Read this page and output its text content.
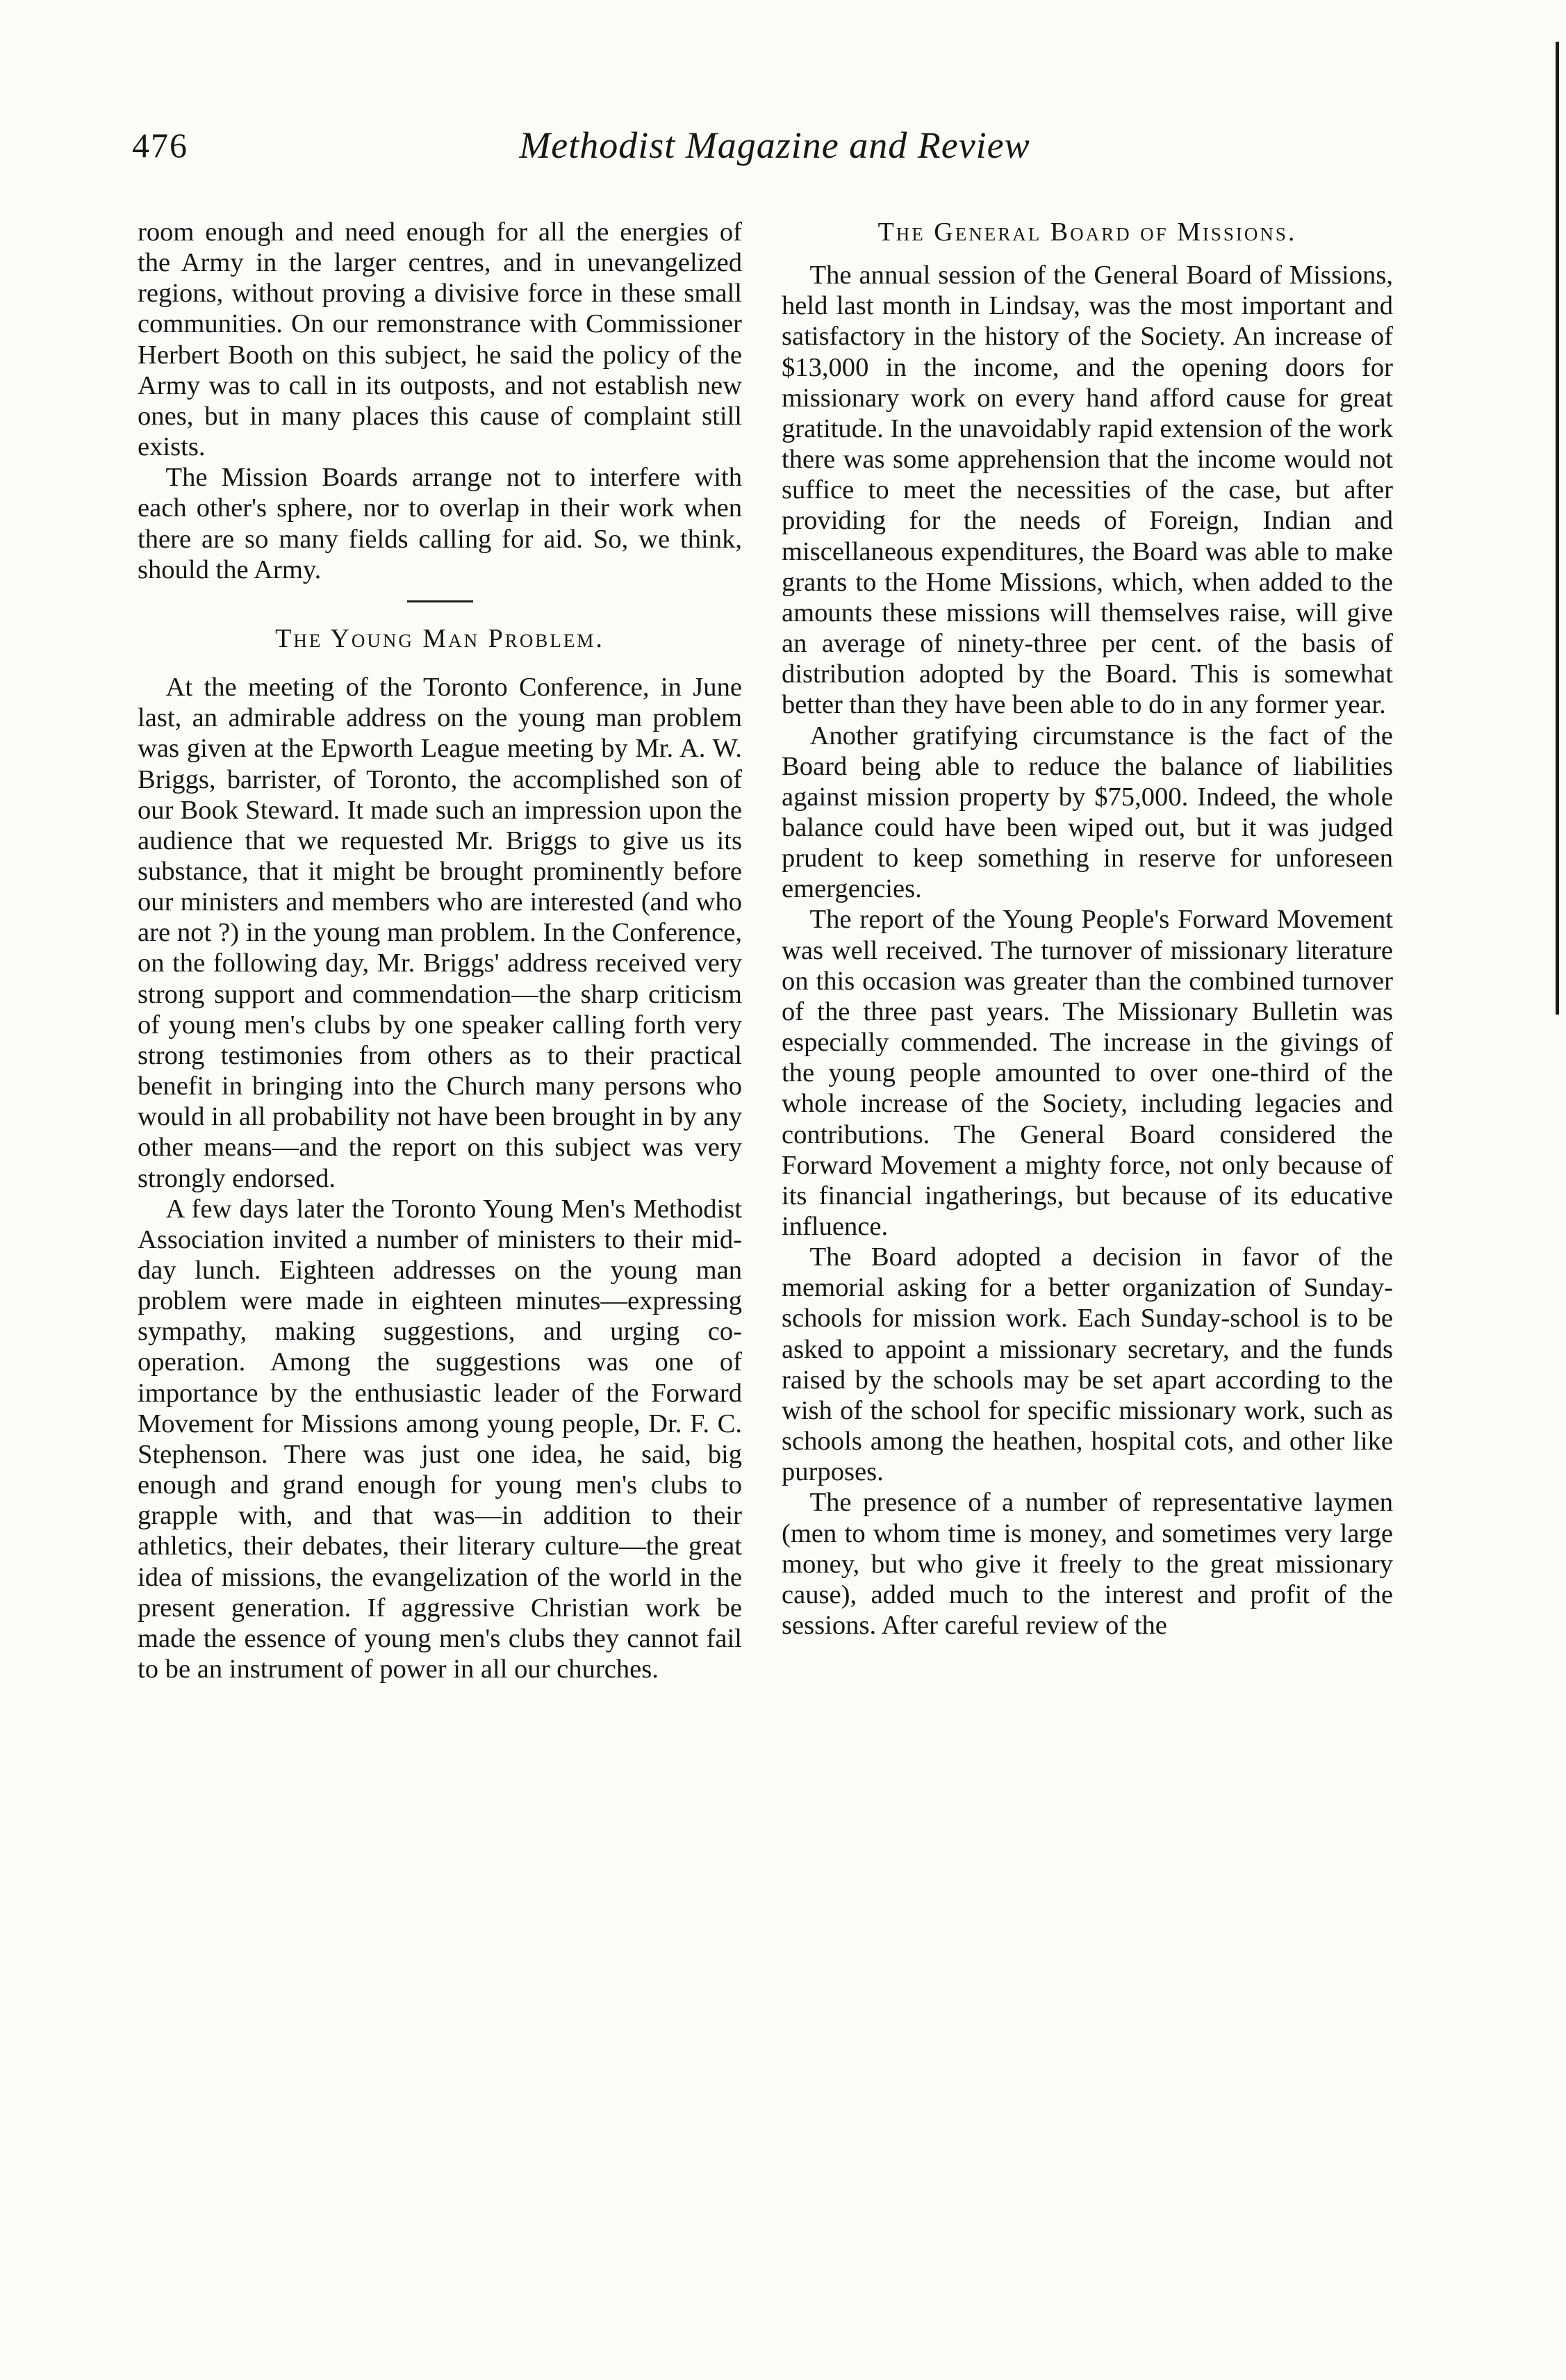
476	Methodist Magazine and Review

room enough and need enough for all the energies of the Army in the larger centres, and in unevangelized regions, without proving a divisive force in these small communities. On our remonstrance with Commissioner Herbert Booth on this subject, he said the policy of the Army was to call in its outposts, and not establish new ones, but in many places this cause of complaint still exists.

The Mission Boards arrange not to interfere with each other's sphere, nor to overlap in their work when there are so many fields calling for aid. So, we think, should the Army.

The Young Man Problem.

At the meeting of the Toronto Conference, in June last, an admirable address on the young man problem was given at the Epworth League meeting by Mr. A. W. Briggs, barrister, of Toronto, the accomplished son of our Book Steward. It made such an impression upon the audience that we requested Mr. Briggs to give us its substance, that it might be brought prominently before our ministers and members who are interested (and who are not ?) in the young man problem. In the Conference, on the following day, Mr. Briggs' address received very strong support and commendation—the sharp criticism of young men's clubs by one speaker calling forth very strong testimonies from others as to their practical benefit in bringing into the Church many persons who would in all probability not have been brought in by any other means—and the report on this subject was very strongly endorsed.

A few days later the Toronto Young Men's Methodist Association invited a number of ministers to their mid-day lunch. Eighteen addresses on the young man problem were made in eighteen minutes—expressing sympathy, making suggestions, and urging co-operation. Among the suggestions was one of importance by the enthusiastic leader of the Forward Movement for Missions among young people, Dr. F. C. Stephenson. There was just one idea, he said, big enough and grand enough for young men's clubs to grapple with, and that was—in addition to their athletics, their debates, their literary culture—the great idea of missions, the evangelization of the world in the present generation. If aggressive Christian work be made the essence of young men's clubs they cannot fail to be an instrument of power in all our churches.

The General Board of Missions.

The annual session of the General Board of Missions, held last month in Lindsay, was the most important and satisfactory in the history of the Society. An increase of $13,000 in the income, and the opening doors for missionary work on every hand afford cause for great gratitude. In the unavoidably rapid extension of the work there was some apprehension that the income would not suffice to meet the necessities of the case, but after providing for the needs of Foreign, Indian and miscellaneous expenditures, the Board was able to make grants to the Home Missions, which, when added to the amounts these missions will themselves raise, will give an average of ninety-three per cent. of the basis of distribution adopted by the Board. This is somewhat better than they have been able to do in any former year.

Another gratifying circumstance is the fact of the Board being able to reduce the balance of liabilities against mission property by $75,000. Indeed, the whole balance could have been wiped out, but it was judged prudent to keep something in reserve for unforeseen emergencies.

The report of the Young People's Forward Movement was well received. The turnover of missionary literature on this occasion was greater than the combined turnover of the three past years. The Missionary Bulletin was especially commended. The increase in the givings of the young people amounted to over one-third of the whole increase of the Society, including legacies and contributions. The General Board considered the Forward Movement a mighty force, not only because of its financial ingatherings, but because of its educative influence.

The Board adopted a decision in favor of the memorial asking for a better organization of Sunday-schools for mission work. Each Sunday-school is to be asked to appoint a missionary secretary, and the funds raised by the schools may be set apart according to the wish of the school for specific missionary work, such as schools among the heathen, hospital cots, and other like purposes.

The presence of a number of representative laymen (men to whom time is money, and sometimes very large money, but who give it freely to the great missionary cause), added much to the interest and profit of the sessions. After careful review of the
